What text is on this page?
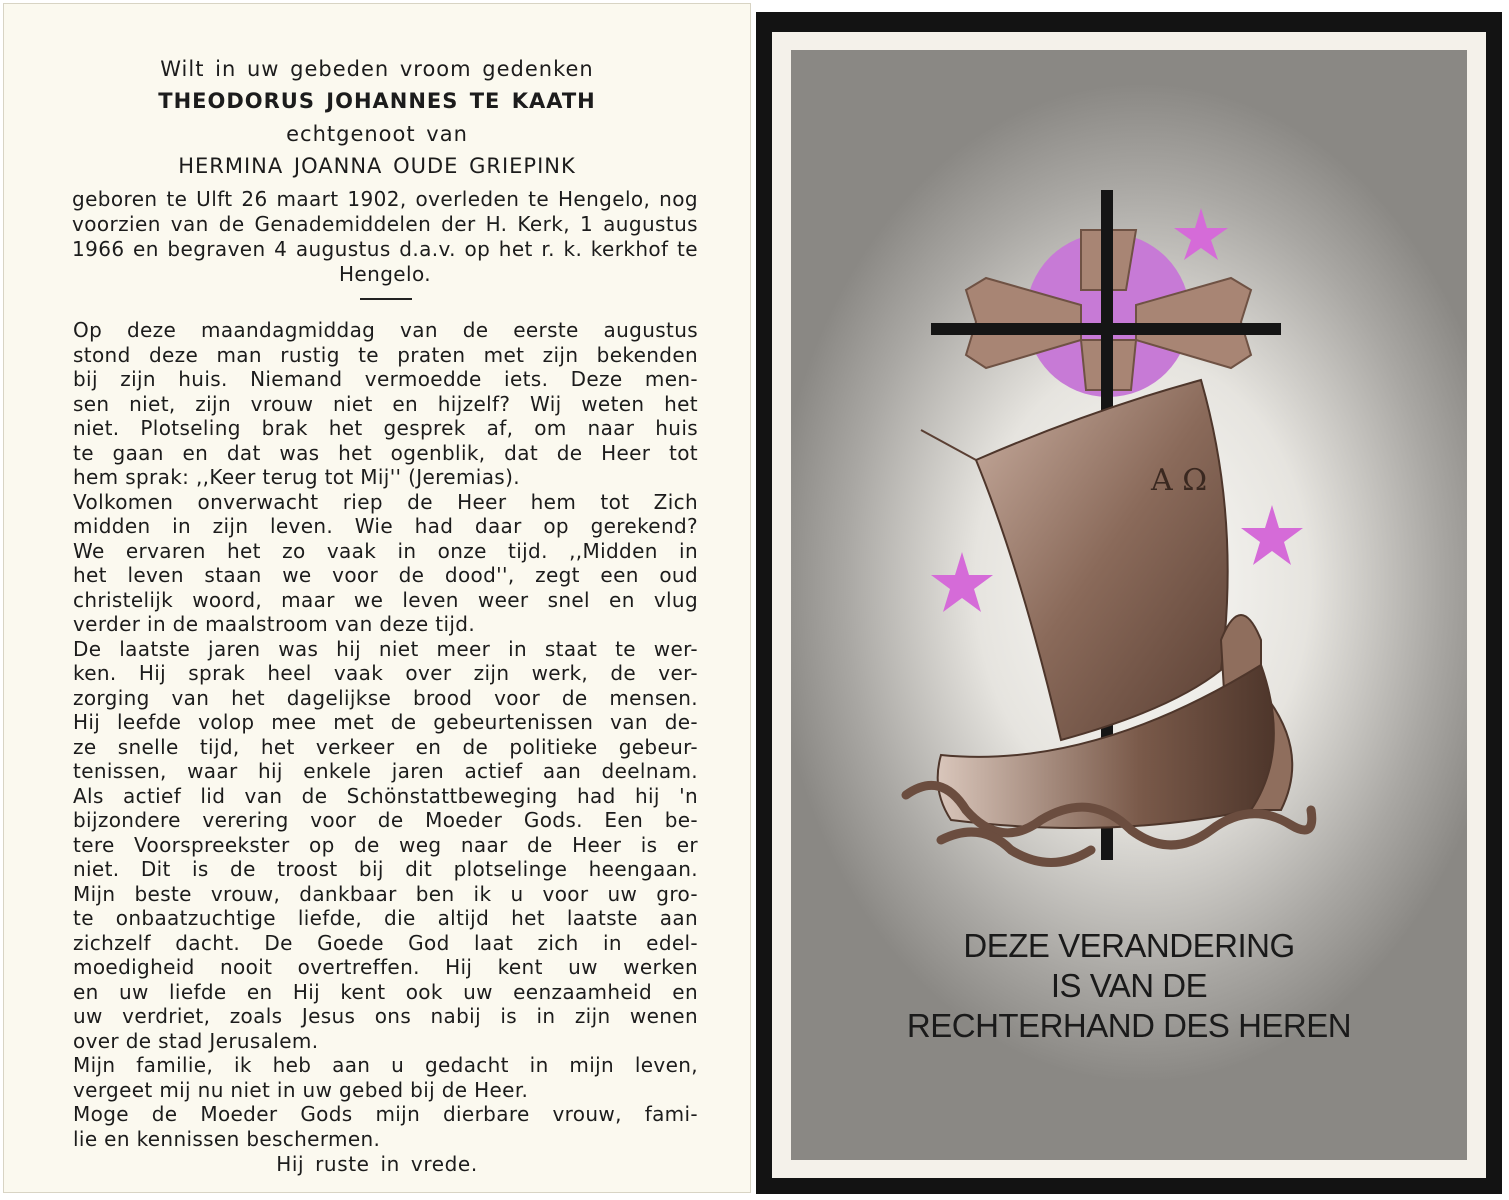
Wilt in uw gebeden vroom gedenken
THEODORUS JOHANNES TE KAATH
echtgenoot van
HERMINA JOANNA OUDE GRIEPINK
geboren te Ulft 26 maart 1902, overleden te Hengelo, nog voorzien van de Genademiddelen der H. Kerk, 1 augustus 1966 en begraven 4 augustus d.a.v. op het r. k. kerkhof te Hengelo.
Op deze maandagmiddag van de eerste augustus
stond deze man rustig te praten met zijn bekenden
bij zijn huis. Niemand vermoedde iets. Deze men-
sen niet, zijn vrouw niet en hijzelf? Wij weten het
niet. Plotseling brak het gesprek af, om naar huis
te gaan en dat was het ogenblik, dat de Heer tot
hem sprak: ,,Keer terug tot Mij'' (Jeremias).
Volkomen onverwacht riep de Heer hem tot Zich
midden in zijn leven. Wie had daar op gerekend?
We ervaren het zo vaak in onze tijd. ,,Midden in
het leven staan we voor de dood'', zegt een oud
christelijk woord, maar we leven weer snel en vlug
verder in de maalstroom van deze tijd.
De laatste jaren was hij niet meer in staat te wer-
ken. Hij sprak heel vaak over zijn werk, de ver-
zorging van het dagelijkse brood voor de mensen.
Hij leefde volop mee met de gebeurtenissen van de-
ze snelle tijd, het verkeer en de politieke gebeur-
tenissen, waar hij enkele jaren actief aan deelnam.
Als actief lid van de Schönstattbeweging had hij 'n
bijzondere verering voor de Moeder Gods. Een be-
tere Voorspreekster op de weg naar de Heer is er
niet. Dit is de troost bij dit plotselinge heengaan.
Mijn beste vrouw, dankbaar ben ik u voor uw gro-
te onbaatzuchtige liefde, die altijd het laatste aan
zichzelf dacht. De Goede God laat zich in edel-
moedigheid nooit overtreffen. Hij kent uw werken
en uw liefde en Hij kent ook uw eenzaamheid en
uw verdriet, zoals Jesus ons nabij is in zijn wenen
over de stad Jerusalem.
Mijn familie, ik heb aan u gedacht in mijn leven,
vergeet mij nu niet in uw gebed bij de Heer.
Moge de Moeder Gods mijn dierbare vrouw, fami-
lie en kennissen beschermen.
Hij ruste in vrede.
A Ω
DEZE VERANDERING
IS VAN DE
RECHTERHAND DES HEREN
